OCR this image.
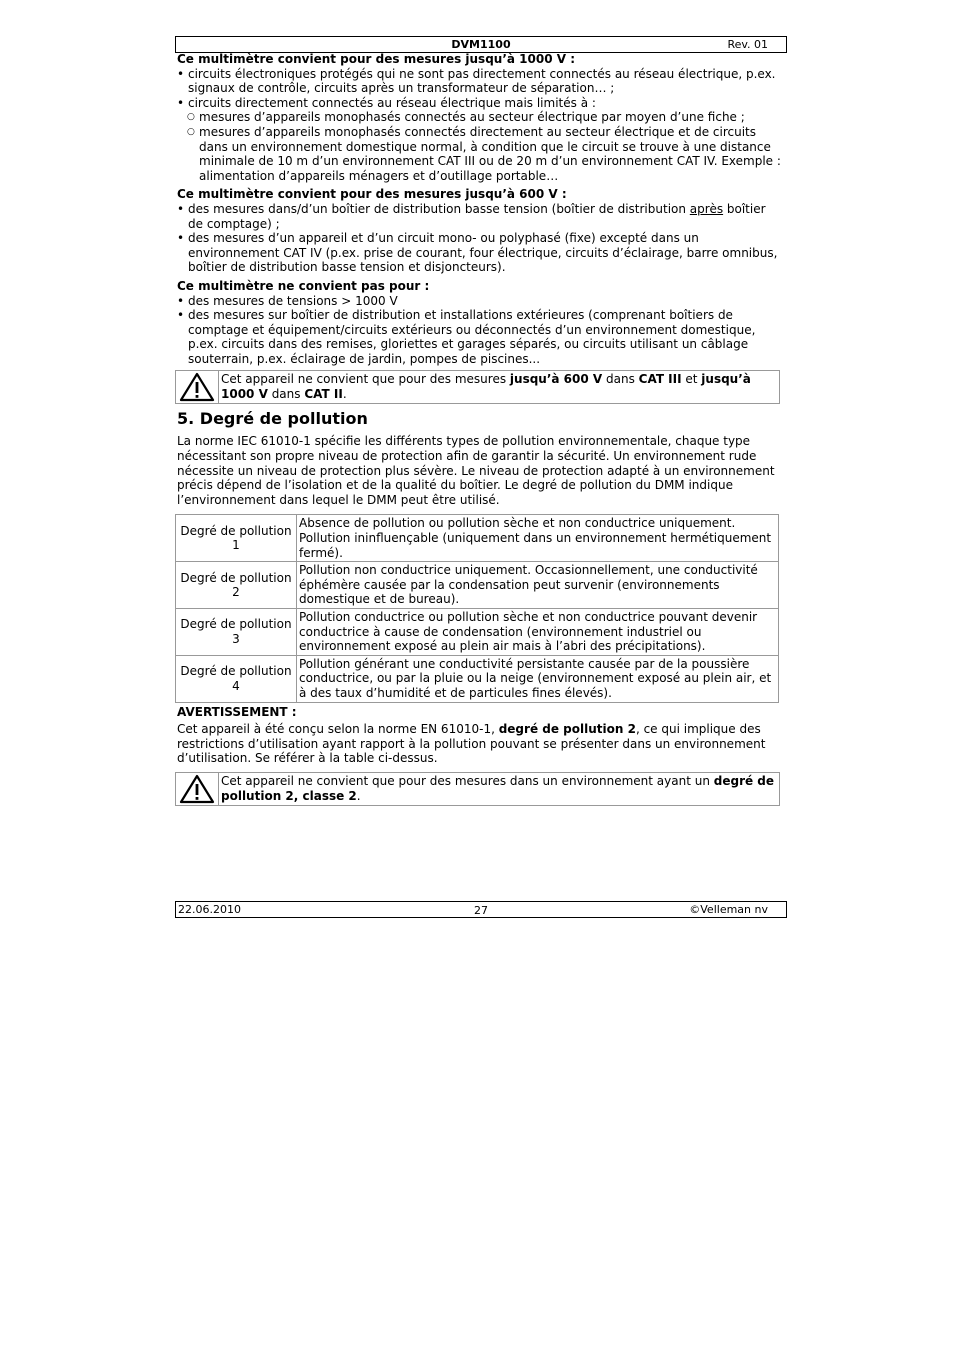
DVM1100	Rev. 01

Ce multimètre convient pour des mesures jusqu’à 1000 V :

• circuits électroniques protégés qui ne sont pas directement connectés au réseau électrique, p.ex. signaux de contrôle, circuits après un transformateur de séparation… ;
• circuits directement connectés au réseau électrique mais limités à :
○ mesures d’appareils monophasés connectés au secteur électrique par moyen d’une fiche ;
○ mesures d’appareils monophasés connectés directement au secteur électrique et de circuits dans un environnement domestique normal, à condition que le circuit se trouve à une distance minimale de 10 m d’un environnement CAT III ou de 20 m d’un environnement CAT IV. Exemple : alimentation d’appareils ménagers et d’outillage portable…

Ce multimètre convient pour des mesures jusqu’à 600 V :

• des mesures dans/d’un boîtier de distribution basse tension (boîtier de distribution après boîtier de comptage) ;
• des mesures d’un appareil et d’un circuit mono- ou polyphasé (fixe) excepté dans un environnement CAT IV (p.ex. prise de courant, four électrique, circuits d’éclairage, barre omnibus, boîtier de distribution basse tension et disjoncteurs).

Ce multimètre ne convient pas pour :

• des mesures de tensions > 1000 V
• des mesures sur boîtier de distribution et installations extérieures (comprenant boîtiers de comptage et équipement/circuits extérieurs ou déconnectés d’un environnement domestique, p.ex. circuits dans des remises, gloriettes et garages séparés, ou circuits utilisant un câblage souterrain, p.ex. éclairage de jardin, pompes de piscines...
Cet appareil ne convient que pour des mesures jusqu’à 600 V dans CAT III et jusqu’à 1000 V dans CAT II.
5. Degré de pollution

La norme IEC 61010-1 spécifie les différents types de pollution environnementale, chaque type nécessitant son propre niveau de protection afin de garantir la sécurité. Un environnement rude nécessite un niveau de protection plus sévère. Le niveau de protection adapté à un environnement précis dépend de l’isolation et de la qualité du boîtier. Le degré de pollution du DMM indique l’environnement dans lequel le DMM peut être utilisé.

Degré de pollution 1	Absence de pollution ou pollution sèche et non conductrice uniquement. Pollution ininfluençable (uniquement dans un environnement hermétiquement fermé).
Degré de pollution 2	Pollution non conductrice uniquement. Occasionnellement, une conductivité éphémère causée par la condensation peut survenir (environnements domestique et de bureau).
Degré de pollution 3	Pollution conductrice ou pollution sèche et non conductrice pouvant devenir conductrice à cause de condensation (environnement industriel ou environnement exposé au plein air mais à l’abri des précipitations).
Degré de pollution 4	Pollution générant une conductivité persistante causée par de la poussière conductrice, ou par la pluie ou la neige (environnement exposé au plein air, et à des taux d’humidité et de particules fines élevés).

AVERTISSEMENT :

Cet appareil à été conçu selon la norme EN 61010-1, degré de pollution 2, ce qui implique des restrictions d’utilisation ayant rapport à la pollution pouvant se présenter dans un environnement d’utilisation. Se référer à la table ci-dessus.

Cet appareil ne convient que pour des mesures dans un environnement ayant un degré de pollution 2, classe 2.
22.06.2010	27	©Velleman nv
